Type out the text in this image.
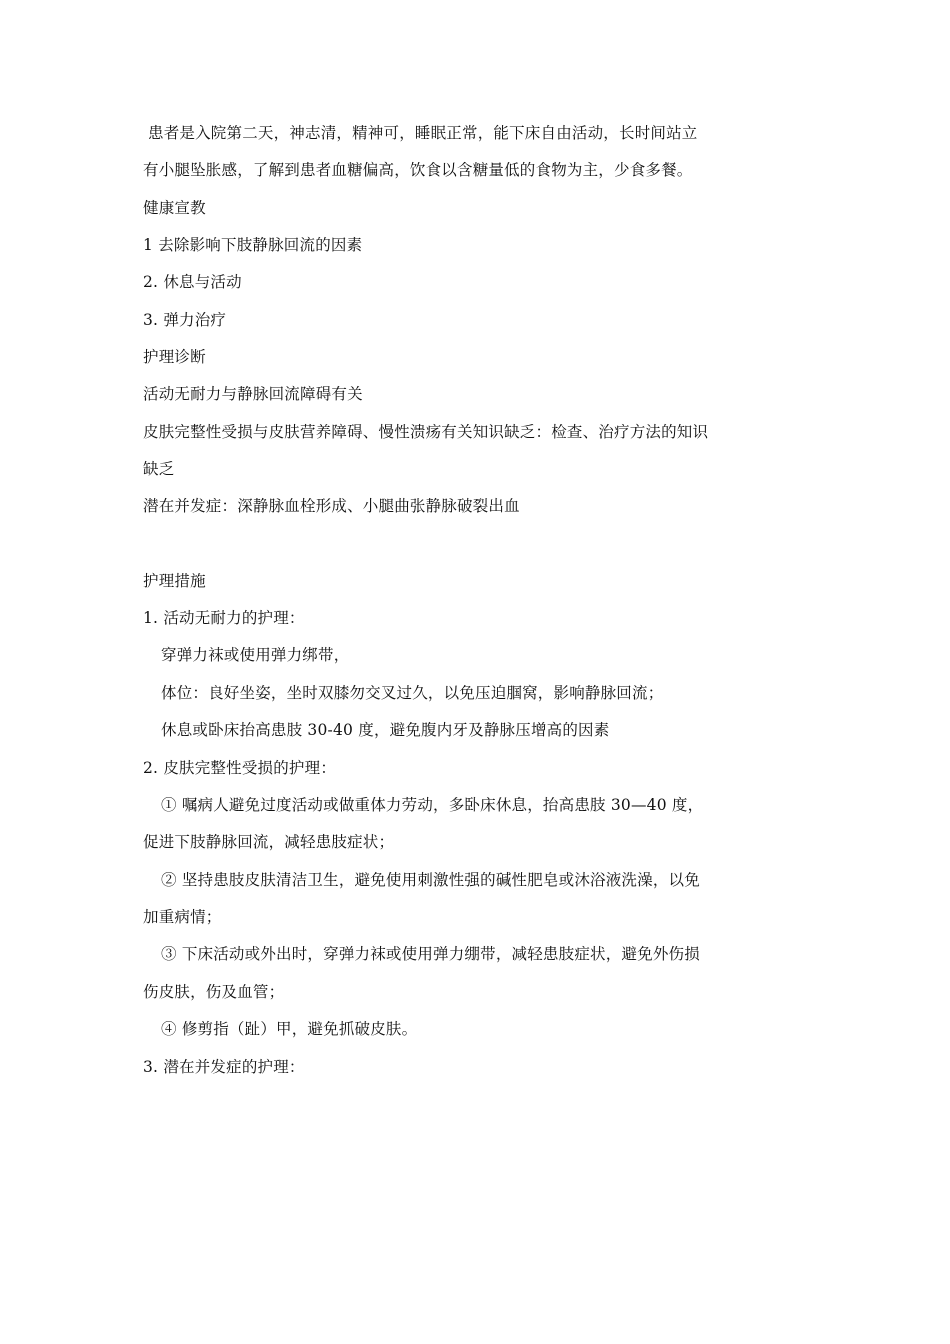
患者是入院第二天，神志清，精神可，睡眠正常，能下床自由活动，长时间站立
有小腿坠胀感，了解到患者血糖偏高，饮食以含糖量低的食物为主，少食多餐。
健康宣教
1 去除影响下肢静脉回流的因素
2. 休息与活动
3. 弹力治疗
护理诊断
活动无耐力与静脉回流障碍有关
皮肤完整性受损与皮肤营养障碍、慢性溃疡有关知识缺乏：检查、治疗方法的知识
缺乏
潜在并发症：深静脉血栓形成、小腿曲张静脉破裂出血
护理措施
1. 活动无耐力的护理：
穿弹力袜或使用弹力绑带，
体位：良好坐姿，坐时双膝勿交叉过久，以免压迫腘窝，影响静脉回流；
休息或卧床抬高患肢 30-40 度，避免腹内牙及静脉压增高的因素
2. 皮肤完整性受损的护理：
① 嘱病人避免过度活动或做重体力劳动，多卧床休息，抬高患肢 30—40 度，
促进下肢静脉回流，减轻患肢症状；
② 坚持患肢皮肤清洁卫生，避免使用刺激性强的碱性肥皂或沐浴液洗澡，以免
加重病情；
③ 下床活动或外出时，穿弹力袜或使用弹力绷带，减轻患肢症状，避免外伤损
伤皮肤，伤及血管；
④ 修剪指（趾）甲，避免抓破皮肤。
3. 潜在并发症的护理：
